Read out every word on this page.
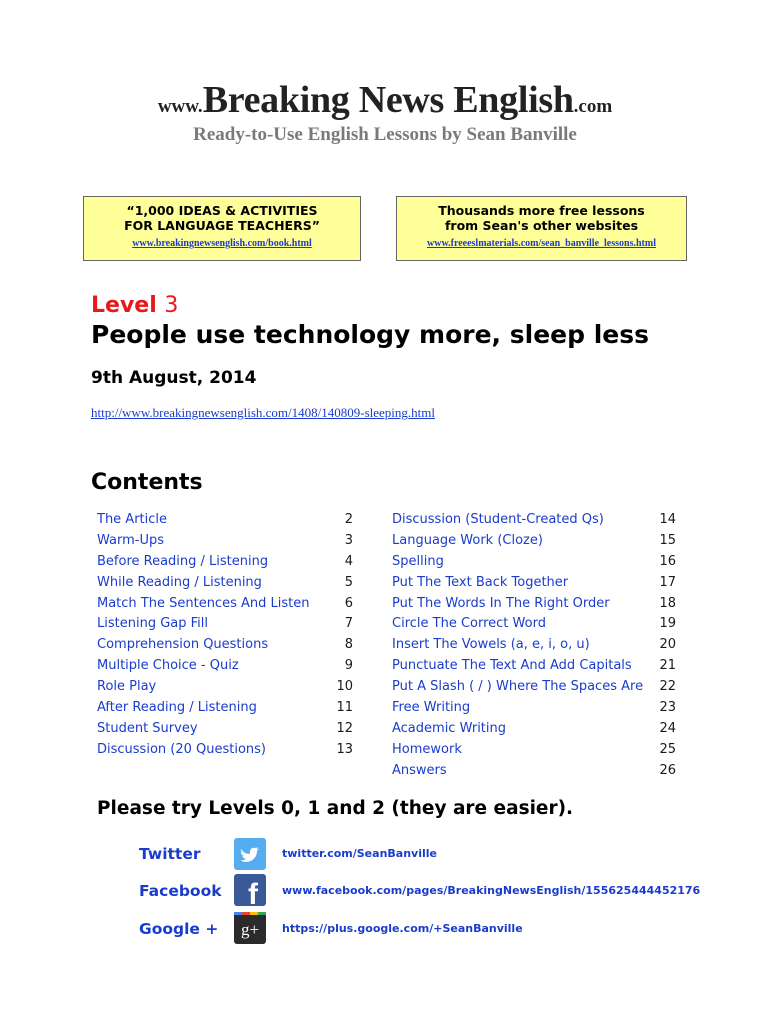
www.Breaking News English.com
Ready-to-Use English Lessons by Sean Banville
“1,000 IDEAS & ACTIVITIES
FOR LANGUAGE TEACHERS”
www.breakingnewsenglish.com/book.html
Thousands more free lessons
from Sean's other websites
www.freeeslmaterials.com/sean_banville_lessons.html
Level 3
People use technology more, sleep less
9th August, 2014
http://www.breakingnewsenglish.com/1408/140809-sleeping.html
Contents
The Article	2
Warm-Ups	3
Before Reading / Listening	4
While Reading / Listening	5
Match The Sentences And Listen	6
Listening Gap Fill	7
Comprehension Questions	8
Multiple Choice - Quiz	9
Role Play	10
After Reading / Listening	11
Student Survey	12
Discussion (20 Questions)	13
Discussion (Student-Created Qs)	14
Language Work (Cloze)	15
Spelling	16
Put The Text Back Together	17
Put The Words In The Right Order	18
Circle The Correct Word	19
Insert The Vowels (a, e, i, o, u)	20
Punctuate The Text And Add Capitals 21
Put A Slash ( / ) Where The Spaces Are 22
Free Writing	23
Academic Writing	24
Homework	25
Answers	26
Please try Levels 0, 1 and 2 (they are easier).
Twitter	twitter.com/SeanBanville
Facebook f www.facebook.com/pages/BreakingNewsEnglish/155625444452176
Google + g+ https://plus.google.com/+SeanBanville
